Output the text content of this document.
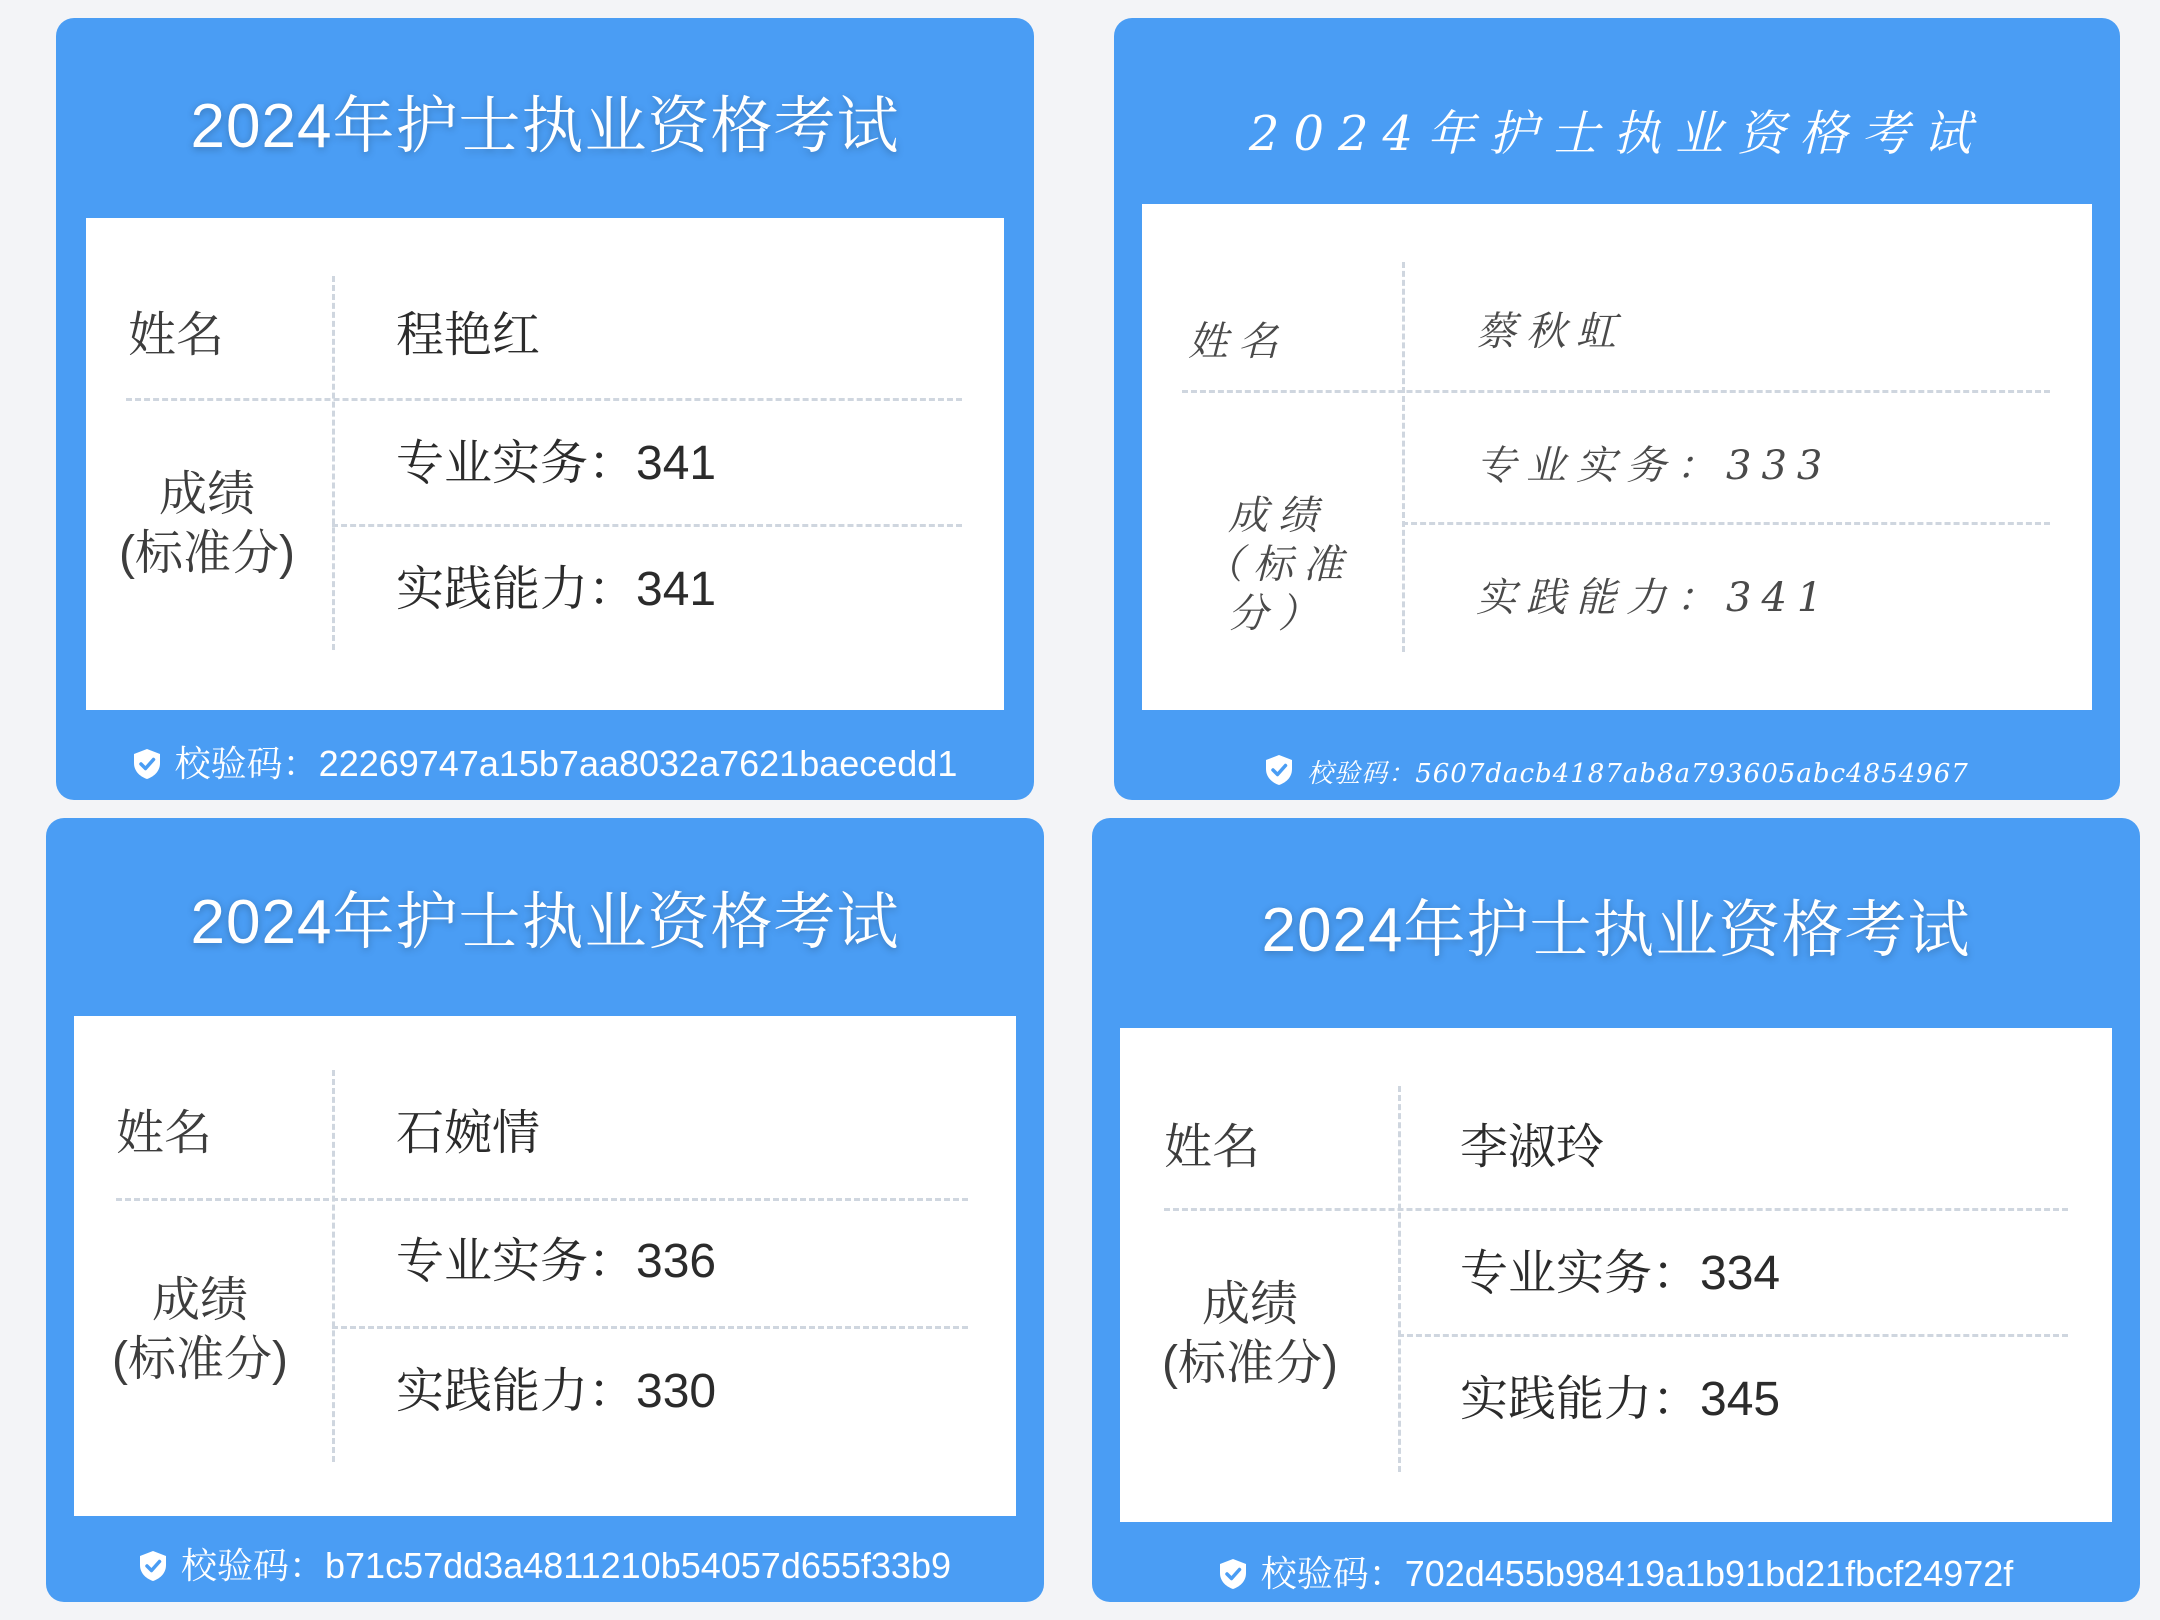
2024年护士执业资格考试
姓名	程艳红
成绩
(标准分)
专业实务：341
实践能力：341
校验码：22269747a15b7aa8032a7621baecedd1
2024年护士执业资格考试
姓名	蔡秋虹
成绩
（标准分）
专业实务：333
实践能力：341
校验码：5607dacb4187ab8a793605abc4854967
2024年护士执业资格考试
姓名	石婉情
成绩
(标准分)
专业实务：336
实践能力：330
校验码：b71c57dd3a4811210b54057d655f33b9
2024年护士执业资格考试
姓名	李淑玲
成绩
(标准分)
专业实务：334
实践能力：345
校验码：702d455b98419a1b91bd21fbcf24972f
